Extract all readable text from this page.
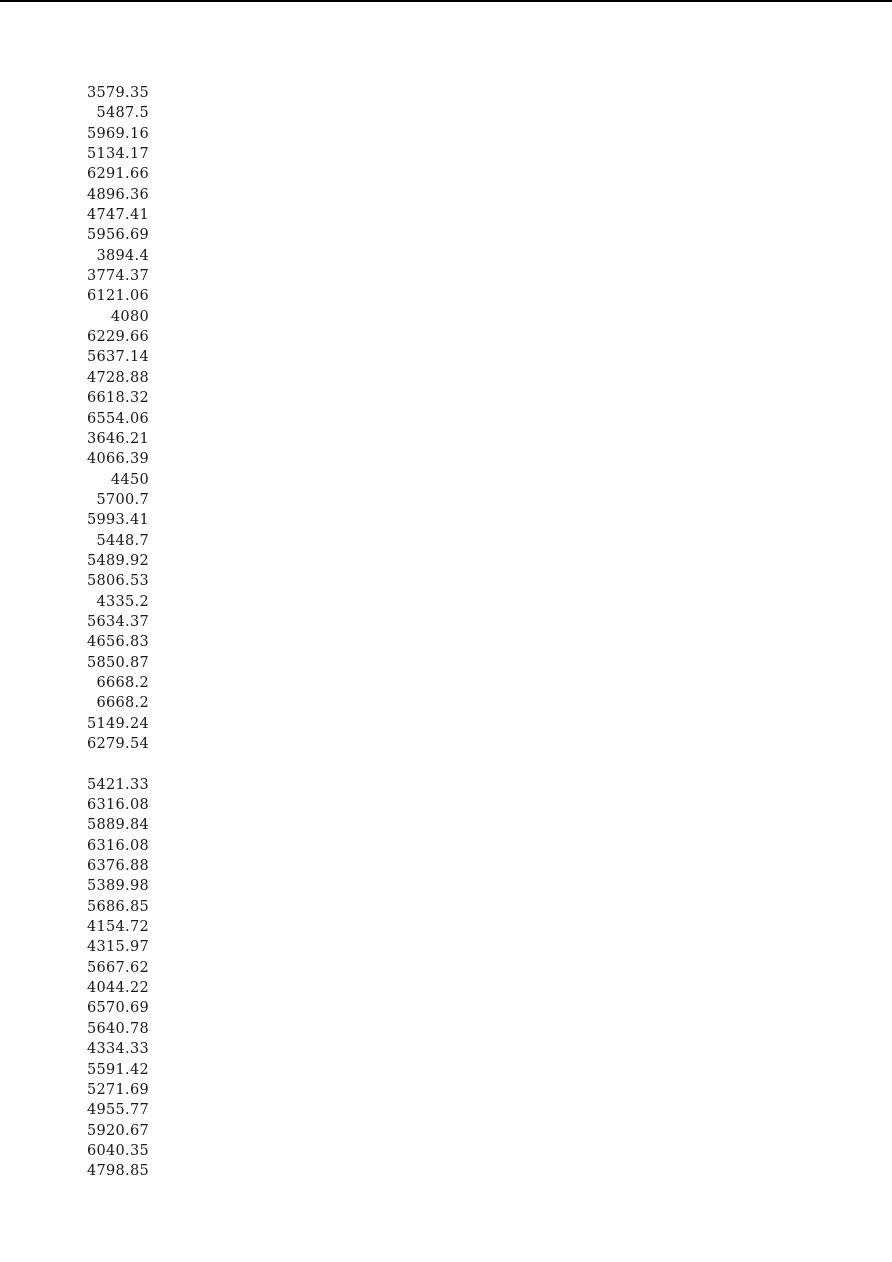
3579.35
5487.5
5969.16
5134.17
6291.66
4896.36
4747.41
5956.69
3894.4
3774.37
6121.06
4080
6229.66
5637.14
4728.88
6618.32
6554.06
3646.21
4066.39
4450
5700.7
5993.41
5448.7
5489.92
5806.53
4335.2
5634.37
4656.83
5850.87
6668.2
6668.2
5149.24
6279.54
5421.33
6316.08
5889.84
6316.08
6376.88
5389.98
5686.85
4154.72
4315.97
5667.62
4044.22
6570.69
5640.78
4334.33
5591.42
5271.69
4955.77
5920.67
6040.35
4798.85
